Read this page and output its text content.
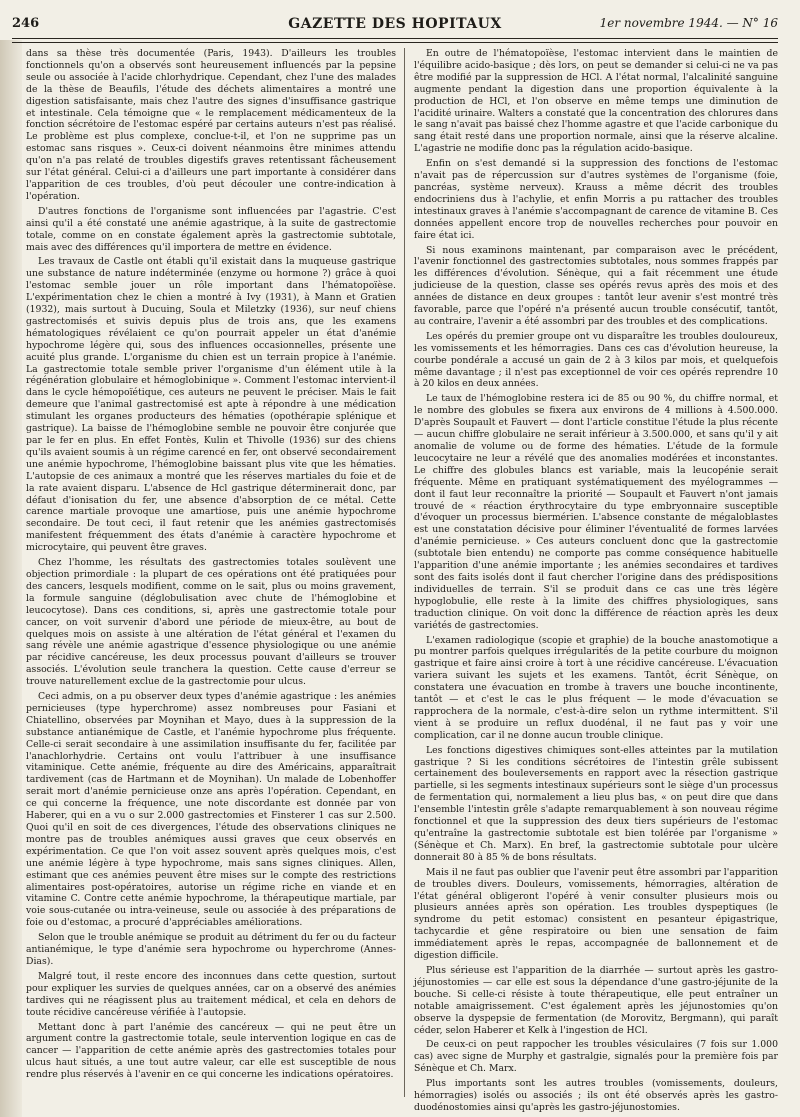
246	GAZETTE DES HOPITAUX	1er novembre 1944. — N° 16

dans sa thèse très documentée (Paris, 1943). D'ailleurs les troubles fonctionnels qu'on a observés sont heureusement influencés par la pepsine seule ou associée à l'acide chlorhydrique. Cependant, chez l'une des malades de la thèse de Beaufils, l'étude des déchets alimentaires a montré une digestion satisfaisante, mais chez l'autre des signes d'insuffisance gastrique et intestinale. Cela témoigne que « le remplacement médicamenteux de la fonction sécrétoire de l'estomac espéré par certains auteurs n'est pas réalisé. Le problème est plus complexe, conclue-t-il, et l'on ne supprime pas un estomac sans risques ». Ceux-ci doivent néanmoins être minimes attendu qu'on n'a pas relaté de troubles digestifs graves retentissant fâcheusement sur l'état général. Celui-ci a d'ailleurs une part importante à considérer dans l'apparition de ces troubles, d'où peut découler une contre-indication à l'opération.

D'autres fonctions de l'organisme sont influencées par l'agastrie. C'est ainsi qu'il a été constaté une anémie agastrique, à la suite de gastrectomie totale, comme on en constate également après la gastrectomie subtotale, mais avec des différences qu'il importera de mettre en évidence.

Les travaux de Castle ont établi qu'il existait dans la muqueuse gastrique une substance de nature indéterminée (enzyme ou hormone ?) grâce à quoi l'estomac semble jouer un rôle important dans l'hématopoïèse. L'expérimentation chez le chien a montré à Ivy (1931), à Mann et Gratien (1932), mais surtout à Ducuing, Soula et Miletzky (1936), sur neuf chiens gastrectomisés et suivis depuis plus de trois ans, que les examens hématologiques révélaient ce qu'on pourrait appeler un état d'anémie hypochrome légère qui, sous des influences occasionnelles, présente une acuité plus grande. L'organisme du chien est un terrain propice à l'anémie. La gastrectomie totale semble priver l'organisme d'un élément utile à la régénération globulaire et hémoglobinique ». Comment l'estomac intervient-il dans le cycle hémopoïétique, ces auteurs ne peuvent le préciser. Mais le fait demeure que l'animal gastrectomisé est apte à répondre à une médication stimulant les organes producteurs des hématies (opothérapie splénique et gastrique). La baisse de l'hémoglobine semble ne pouvoir être conjurée que par le fer en plus. En effet Fontès, Kulin et Thivolle (1936) sur des chiens qu'ils avaient soumis à un régime carencé en fer, ont observé secondairement une anémie hypochrome, l'hémoglobine baissant plus vite que les hématies. L'autopsie de ces animaux a montré que les réserves martiales du foie et de la rate avaient disparu. L'absence de Hcl gastrique déterminerait donc, par défaut d'ionisation du fer, une absence d'absorption de ce métal. Cette carence martiale provoque une amartiose, puis une anémie hypochrome secondaire. De tout ceci, il faut retenir que les anémies gastrectomisés manifestent fréquemment des états d'anémie à caractère hypochrome et microcytaire, qui peuvent être graves.

Chez l'homme, les résultats des gastrectomies totales soulèvent une objection primordiale : la plupart de ces opérations ont été pratiquées pour des cancers, lesquels modifient, comme on le sait, plus ou moins gravement, la formule sanguine (déglobulisation avec chute de l'hémoglobine et leucocytose). Dans ces conditions, si, après une gastrectomie totale pour cancer, on voit survenir d'abord une période de mieux-être, au bout de quelques mois on assiste à une altération de l'état général et l'examen du sang révèle une anémie agastrique d'essence physiologique ou une anémie par récidive cancéreuse, les deux processus pouvant d'ailleurs se trouver associés. L'évolution seule tranchera la question. Cette cause d'erreur se trouve naturellement exclue de la gastrectomie pour ulcus.

Ceci admis, on a pu observer deux types d'anémie agastrique : les anémies pernicieuses (type hyperchrome) assez nombreuses pour Fasiani et Chiatellino, observées par Moynihan et Mayo, dues à la suppression de la substance antianémique de Castle, et l'anémie hypochrome plus fréquente. Celle-ci serait secondaire à une assimilation insuffisante du fer, facilitée par l'anachlorhydrie. Certains ont voulu l'attribuer à une insuffisance vitaminique. Cette anémie, fréquente au dire des Américains, apparaîtrait tardivement (cas de Hartmann et de Moynihan). Un malade de Lobenhoffer serait mort d'anémie pernicieuse onze ans après l'opération. Cependant, en ce qui concerne la fréquence, une note discordante est donnée par von Haberer, qui en a vu o sur 2.000 gastrectomies et Finsterer 1 cas sur 2.500. Quoi qu'il en soit de ces divergences, l'étude des observations cliniques ne montre pas de troubles anémiques aussi graves que ceux observés en expérimentation. Ce que l'on voit assez souvent après quelques mois, c'est une anémie légère à type hypochrome, mais sans signes cliniques. Allen, estimant que ces anémies peuvent être mises sur le compte des restrictions alimentaires post-opératoires, autorise un régime riche en viande et en vitamine C. Contre cette anémie hypochrome, la thérapeutique martiale, par voie sous-cutanée ou intra-veineuse, seule ou associée à des préparations de foie ou d'estomac, a procuré d'appréciables améliorations.

Selon que le trouble anémique se produit au détriment du fer ou du facteur antianémique, le type d'anémie sera hypochrome ou hyperchrome (Annes-Dias).

Malgré tout, il reste encore des inconnues dans cette question, surtout pour expliquer les survies de quelques années, car on a observé des anémies tardives qui ne réagissent plus au traitement médical, et cela en dehors de toute récidive cancéreuse vérifiée à l'autopsie.

Mettant donc à part l'anémie des cancéreux — qui ne peut être un argument contre la gastrectomie totale, seule intervention logique en cas de cancer — l'apparition de cette anémie après des gastrectomies totales pour ulcus haut situés, a une tout autre valeur, car elle est susceptible de nous rendre plus réservés à l'avenir en ce qui concerne les indications opératoires.

En outre de l'hématopoïèse, l'estomac intervient dans le maintien de l'équilibre acido-basique ; dès lors, on peut se demander si celui-ci ne va pas être modifié par la suppression de HCl. A l'état normal, l'alcalinité sanguine augmente pendant la digestion dans une proportion équivalente à la production de HCl, et l'on observe en même temps une diminution de l'acidité urinaire. Walters a constaté que la concentration des chlorures dans le sang n'avait pas baissé chez l'homme agastre et que l'acide carbonique du sang était resté dans une proportion normale, ainsi que la réserve alcaline. L'agastrie ne modifie donc pas la régulation acido-basique.

Enfin on s'est demandé si la suppression des fonctions de l'estomac n'avait pas de répercussion sur d'autres systèmes de l'organisme (foie, pancréas, système nerveux). Krauss a même décrit des troubles endocriniens dus à l'achylie, et enfin Morris a pu rattacher des troubles intestinaux graves à l'anémie s'accompagnant de carence de vitamine B. Ces données appellent encore trop de nouvelles recherches pour pouvoir en faire état ici.

Si nous examinons maintenant, par comparaison avec le précédent, l'avenir fonctionnel des gastrectomies subtotales, nous sommes frappés par les différences d'évolution. Sénèque, qui a fait récemment une étude judicieuse de la question, classe ses opérés revus après des mois et des années de distance en deux groupes : tantôt leur avenir s'est montré très favorable, parce que l'opéré n'a présenté aucun trouble consécutif, tantôt, au contraire, l'avenir a été assombri par des troubles et des complications.

Les opérés du premier groupe ont vu disparaître les troubles douloureux, les vomissements et les hémorragies. Dans ces cas d'évolution heureuse, la courbe pondérale a accusé un gain de 2 à 3 kilos par mois, et quelquefois même davantage ; il n'est pas exceptionnel de voir ces opérés reprendre 10 à 20 kilos en deux années.

Le taux de l'hémoglobine restera ici de 85 ou 90 %, du chiffre normal, et le nombre des globules se fixera aux environs de 4 millions à 4.500.000. D'après Soupault et Fauvert — dont l'article constitue l'étude la plus récente — aucun chiffre globulaire ne serait inférieur à 3.500.000, et sans qu'il y ait anomalie de volume ou de forme des hématies. L'étude de la formule leucocytaire ne leur a révélé que des anomalies modérées et inconstantes. Le chiffre des globules blancs est variable, mais la leucopénie serait fréquente. Même en pratiquant systématiquement des myélogrammes — dont il faut leur reconnaître la priorité — Soupault et Fauvert n'ont jamais trouvé de « réaction érythrocytaire du type embryonnaire susceptible d'évoquer un processus biermérien. L'absence constante de mégaloblastes est une constatation décisive pour éliminer l'éventualité de formes larvées d'anémie pernicieuse. » Ces auteurs concluent donc que la gastrectomie (subtotale bien entendu) ne comporte pas comme conséquence habituelle l'apparition d'une anémie importante ; les anémies secondaires et tardives sont des faits isolés dont il faut chercher l'origine dans des prédispositions individuelles de terrain. S'il se produit dans ce cas une très légère hypoglobulie, elle reste à la limite des chiffres physiologiques, sans traduction clinique. On voit donc la différence de réaction après les deux variétés de gastrectomies.

L'examen radiologique (scopie et graphie) de la bouche anastomotique a pu montrer parfois quelques irrégularités de la petite courbure du moignon gastrique et faire ainsi croire à tort à une récidive cancéreuse. L'évacuation variera suivant les sujets et les examens. Tantôt, écrit Sénèque, on constatera une évacuation en trombe à travers une bouche incontinente, tantôt — et c'est le cas le plus fréquent — le mode d'évacuation se rapprochera de la normale, c'est-à-dire selon un rythme intermittent. S'il vient à se produire un reflux duodénal, il ne faut pas y voir une complication, car il ne donne aucun trouble clinique.

Les fonctions digestives chimiques sont-elles atteintes par la mutilation gastrique ? Si les conditions sécrétoires de l'intestin grêle subissent certainement des bouleversements en rapport avec la résection gastrique partielle, si les segments intestinaux supérieurs sont le siège d'un processus de fermentation qui, normalement a lieu plus bas, « on peut dire que dans l'ensemble l'intestin grêle s'adapte remarquablement à son nouveau régime fonctionnel et que la suppression des deux tiers supérieurs de l'estomac qu'entraîne la gastrectomie subtotale est bien tolérée par l'organisme » (Sénèque et Ch. Marx). En bref, la gastrectomie subtotale pour ulcère donnerait 80 à 85 % de bons résultats.

Mais il ne faut pas oublier que l'avenir peut être assombri par l'apparition de troubles divers. Douleurs, vomissements, hémorragies, altération de l'état général obligeront l'opéré à venir consulter plusieurs mois ou plusieurs années après son opération. Les troubles dyspeptiques (le syndrome du petit estomac) consistent en pesanteur épigastrique, tachycardie et gêne respiratoire ou bien une sensation de faim immédiatement après le repas, accompagnée de ballonnement et de digestion difficile.

Plus sérieuse est l'apparition de la diarrhée — surtout après les gastro-jéjunostomies — car elle est sous la dépendance d'une gastro-jéjunite de la bouche. Si celle-ci résiste à toute thérapeutique, elle peut entraîner un notable amaigrissement. C'est également après les jéjunostomies qu'on observe la dyspepsie de fermentation (de Morovitz, Bergmann), qui paraît céder, selon Haberer et Kelk à l'ingestion de HCl.

De ceux-ci on peut rappocher les troubles vésiculaires (7 fois sur 1.000 cas) avec signe de Murphy et gastralgie, signalés pour la première fois par Sénèque et Ch. Marx.

Plus importants sont les autres troubles (vomissements, douleurs, hémorragies) isolés ou associés ; ils ont été observés après les gastro-duodénostomies ainsi qu'après les gastro-jéjunostomies.
